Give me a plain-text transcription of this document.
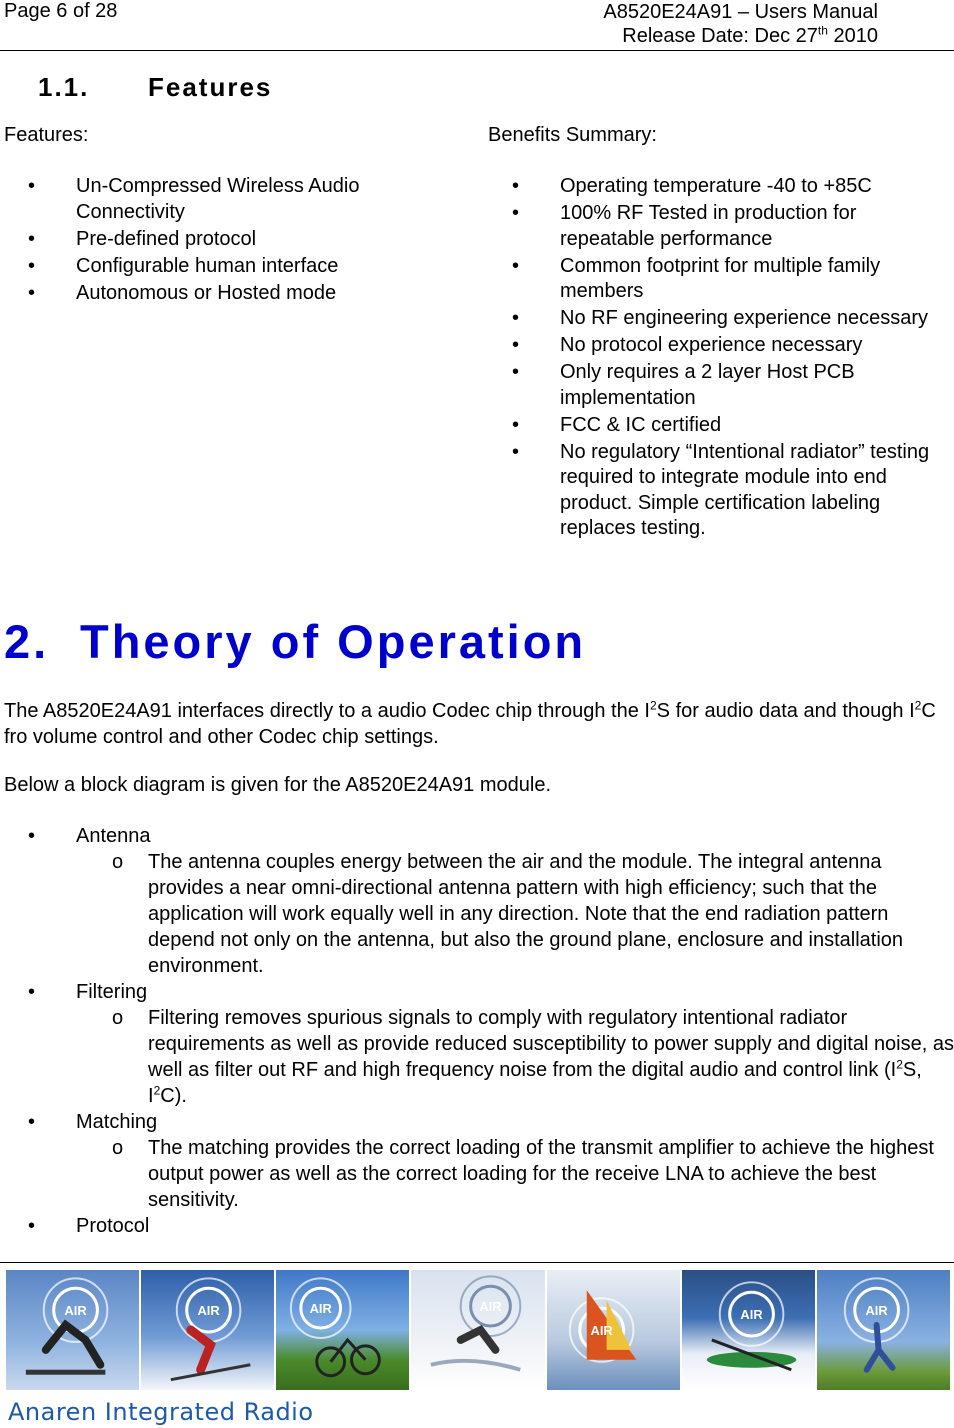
Page 6 of 28	A8520E24A91 – Users Manual
Release Date: Dec 27th 2010
1.1. Features
Features:	Benefits Summary:
• Un-Compressed Wireless Audio Connectivity
• Pre-defined protocol
• Configurable human interface
• Autonomous or Hosted mode
• Operating temperature -40 to +85C
• 100% RF Tested in production for repeatable performance
• Common footprint for multiple family members
• No RF engineering experience necessary
• No protocol experience necessary
• Only requires a 2 layer Host PCB implementation
• FCC & IC certified
• No regulatory “Intentional radiator” testing required to integrate module into end product. Simple certification labeling replaces testing.
2. Theory of Operation
The A8520E24A91 interfaces directly to a audio Codec chip through the $I^2S$ for audio data and though $I^2C$ fro volume control and other Codec chip settings.
Below a block diagram is given for the A8520E24A91 module.
• Antenna
o The antenna couples energy between the air and the module. The integral antenna provides a near omni-directional antenna pattern with high efficiency; such that the application will work equally well in any direction. Note that the end radiation pattern depend not only on the antenna, but also the ground plane, enclosure and installation environment.
• Filtering
o Filtering removes spurious signals to comply with regulatory intentional radiator requirements as well as provide reduced susceptibility to power supply and digital noise, as well as filter out RF and high frequency noise from the digital audio and control link ($I^2S$, $I^2C$).
• Matching
o The matching provides the correct loading of the transmit amplifier to achieve the highest output power as well as the correct loading for the receive LNA to achieve the best sensitivity.
• Protocol
AIR	AIR	AIR	AIR
AIR
AIR	AIR
Anaren Integrated Radio
